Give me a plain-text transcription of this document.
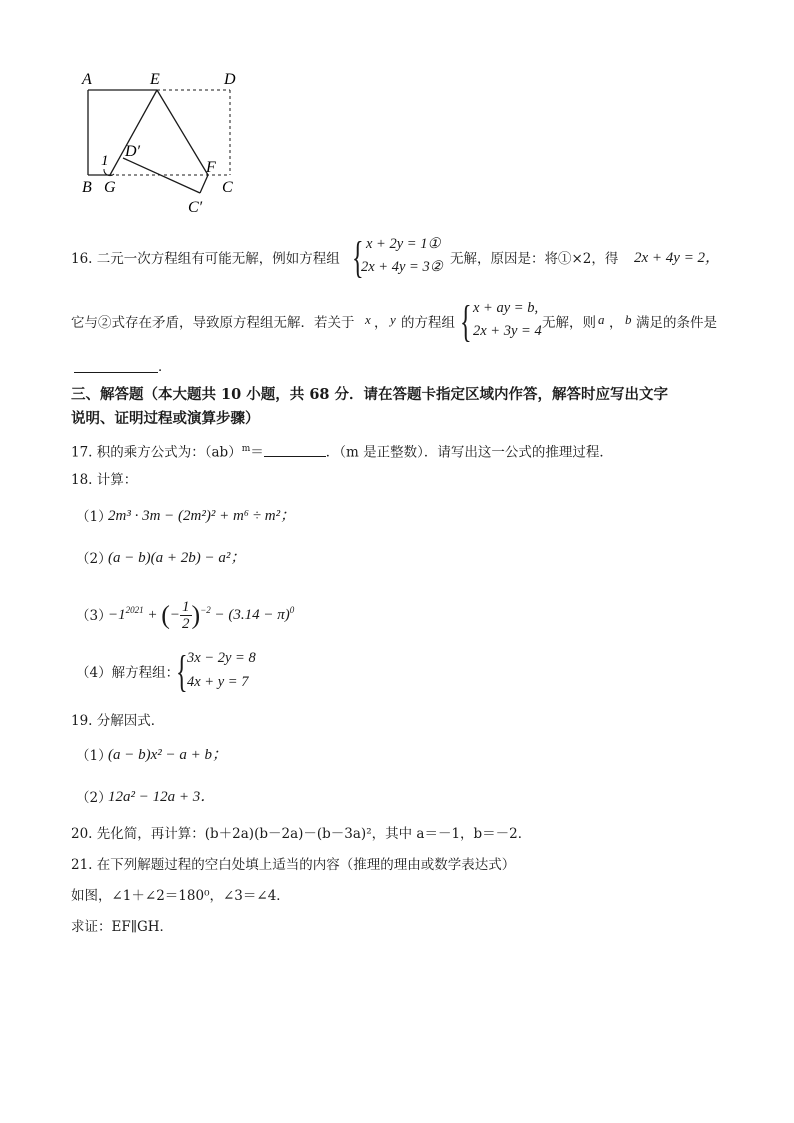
A	E	D
B G	C
F
D′
C′
1
16. 二元一次方程组有可能无解，例如方程组 { x + 2y = 1①
2x + 4y = 3② 无解，原因是：将①×2，得 2x + 4y = 2，
它与②式存在矛盾，导致原方程组无解．若关于 x ， y 的方程组 { x + ay = b,
2x + 3y = 4 无解，则 a ， b 满足的条件是
．
三、解答题（本大题共 10 小题，共 68 分．请在答题卡指定区域内作答，解答时应写出文字
说明、证明过程或演算步骤）
17. 积的乘方公式为：（ab）$^m$＝	．（m 是正整数）．请写出这一公式的推理过程．
18. 计算：
（1）
2m³ · 3m − (2m²)² + m⁶ ÷ m²；
（2）
(a − b)(a + 2b) − a²；
（3）
$-1^{2021}$ + (− $\frac{1}{2} )^{-2} - (3.14 - \pi)^0$
（4）解方程组：
{ 3x − 2y = 8
4x + y = 7
19. 分解因式．
（1）
(a − b)x² − a + b；
（2）
12a² − 12a + 3．
20. 先化简，再计算：(b＋2a)(b－2a)－(b－3a)²，其中 a＝－1，b＝－2．
21. 在下列解题过程的空白处填上适当的内容（推理的理由或数学表达式）
如图，∠1＋∠2＝180⁰，∠3＝∠4．
求证：EF∥GH．
